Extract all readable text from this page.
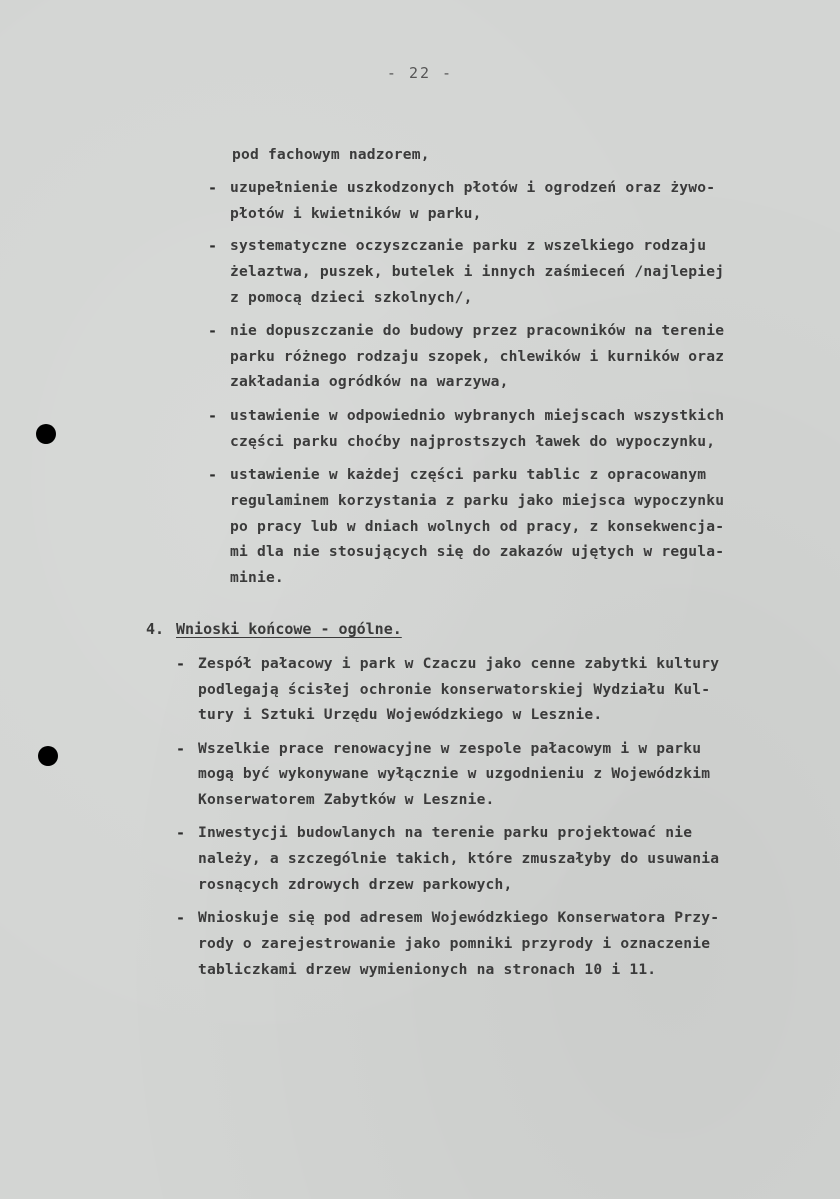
- 22 -
pod fachowym nadzorem,
- uzupełnienie uszkodzonych płotów i ogrodzeń oraz żywo-
płotów i kwietników w parku,
- systematyczne oczyszczanie parku z wszelkiego rodzaju
żelaztwa, puszek, butelek i innych zaśmieceń /najlepiej
z pomocą dzieci szkolnych/,
- nie dopuszczanie do budowy przez pracowników na terenie
parku różnego rodzaju szopek, chlewików i kurników oraz
zakładania ogródków na warzywa,
- ustawienie w odpowiednio wybranych miejscach wszystkich
części parku choćby najprostszych ławek do wypoczynku,
- ustawienie w każdej części parku tablic z opracowanym
regulaminem korzystania z parku jako miejsca wypoczynku
po pracy lub w dniach wolnych od pracy, z konsekwencja-
mi dla nie stosujących się do zakazów ujętych w regula-
minie.
4. Wnioski końcowe - ogólne.
- Zespół pałacowy i park w Czaczu jako cenne zabytki kultury
podlegają ścisłej ochronie konserwatorskiej Wydziału Kul-
tury i Sztuki Urzędu Wojewódzkiego w Lesznie.
- Wszelkie prace renowacyjne w zespole pałacowym i w parku
mogą być wykonywane wyłącznie w uzgodnieniu z Wojewódzkim
Konserwatorem Zabytków w Lesznie.
- Inwestycji budowlanych na terenie parku projektować nie
należy, a szczególnie takich, które zmuszałyby do usuwania
rosnących zdrowych drzew parkowych,
- Wnioskuje się pod adresem Wojewódzkiego Konserwatora Przy-
rody o zarejestrowanie jako pomniki przyrody i oznaczenie
tabliczkami drzew wymienionych na stronach 10 i 11.
